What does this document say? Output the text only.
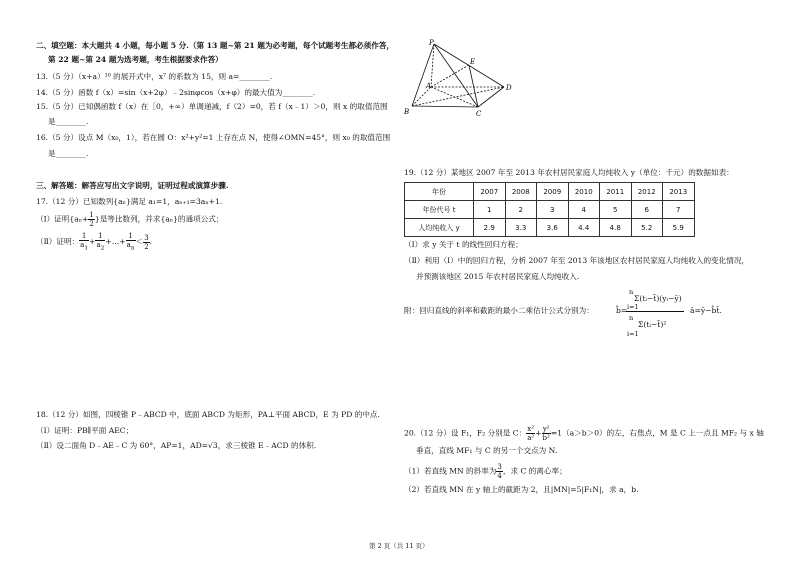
二、填空题：本大题共 4 小题，每小题 5 分.（第 13 题~第 21 题为必考题，每个试题考生都必须作答，
第 22 题~第 24 题为选考题，考生根据要求作答）
13.（5 分）（x+a）¹⁰ 的展开式中，x⁷ 的系数为 15，则 a=________.
14.（5 分）函数 f（x）=sin（x+2φ）﹣2sinφcos（x+φ）的最大值为________.
15.（5 分）已知偶函数 f（x）在［0，+∞）单调递减，f（2）=0，若 f（x﹣1）＞0，则 x 的取值范围
是________.
16.（5 分）设点 M（x₀，1），若在圆 O：x²+y²=1 上存在点 N，使得∠OMN=45°，则 x₀ 的取值范围
是________.
三、解答题：解答应写出文字说明，证明过程或演算步骤.
17.（12 分）已知数列{aₙ}满足 a₁=1，aₙ₊₁=3aₙ+1.
（Ⅰ）证明{$a_n+ \frac{1}{2}$ }是等比数列，并求{aₙ}的通项公式；
（Ⅱ）证明： $\frac{1}{a_1} + \frac{1}{a_2}$ +…+ $\frac{1}{a_n} < \frac{3}{2}$ .
18.（12 分）如图，四棱锥 P﹣ABCD 中，底面 ABCD 为矩形，PA⊥平面 ABCD，E 为 PD 的中点.
（Ⅰ）证明：PB∥平面 AEC；
（Ⅱ）设二面角 D﹣AE﹣C 为 60°，AP=1，AD=√3，求三棱锥 E﹣ACD 的体积.
P
E
A	D
B	C
19.（12 分）某地区 2007 年至 2013 年农村居民家庭人均纯收入 y（单位：千元）的数据如表：
年份	2007	2008	2009	2010	2011	2012	2013
年份代号 t	1	2	3	4	5	6	7
人均纯收入 y	2.9	3.3	3.6	4.4	4.8	5.2	5.9
（Ⅰ）求 y 关于 t 的线性回归方程；
（Ⅱ）利用（Ⅰ）中的回归方程，分析 2007 年至 2013 年该地区农村居民家庭人均纯收入的变化情况，
并预测该地区 2015 年农村居民家庭人均纯收入.
附：回归直线的斜率和截距的最小二乘估计公式分别为：	b̂=
n
Σ(tᵢ−t̄)(yᵢ−ȳ)
i=1
n
Σ(tᵢ−t̄)²
i=1
â=ȳ−b̂t̄.
20.（12 分）设 F₁，F₂ 分别是 C： $\frac{\text{x²}}{\text{a²}} + \frac{\text{y²}}{\text{b²}} =1(a>b>0)$的左，右焦点，M 是 C 上一点且 MF₂ 与 x 轴
垂直，直线 MF₁ 与 C 的另一个交点为 N.
（1）若直线 MN 的斜率为 $\frac{3}{4}$ ，求 C 的离心率；
（2）若直线 MN 在 y 轴上的截距为 2，且|MN|=5|F₁N|，求 a，b.
第 2 页（共 11 页）
